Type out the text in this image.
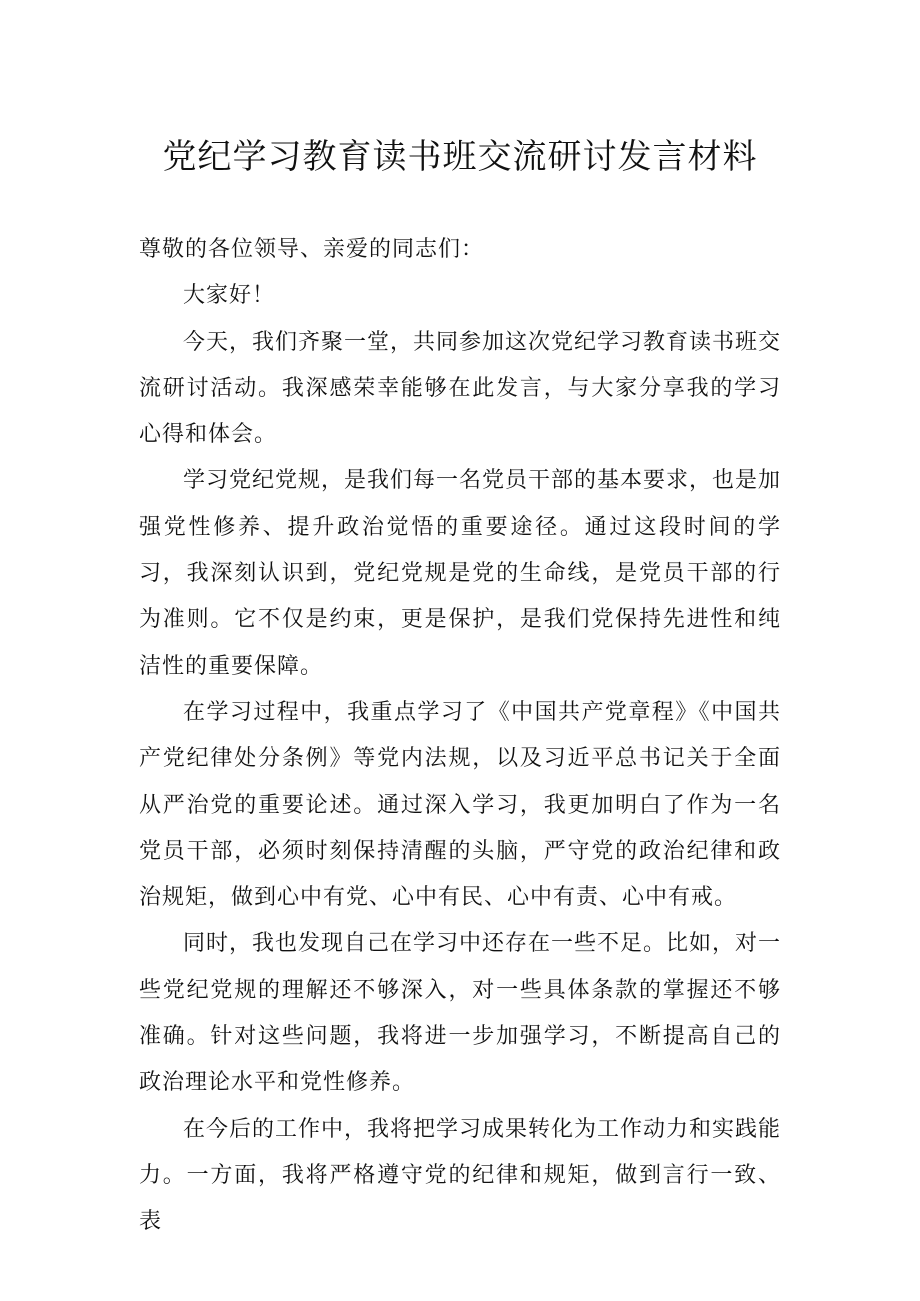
党纪学习教育读书班交流研讨发言材料

尊敬的各位领导、亲爱的同志们：

大家好！

今天，我们齐聚一堂，共同参加这次党纪学习教育读书班交流研讨活动。我深感荣幸能够在此发言，与大家分享我的学习心得和体会。

学习党纪党规，是我们每一名党员干部的基本要求，也是加强党性修养、提升政治觉悟的重要途径。通过这段时间的学习，我深刻认识到，党纪党规是党的生命线，是党员干部的行为准则。它不仅是约束，更是保护，是我们党保持先进性和纯洁性的重要保障。

在学习过程中，我重点学习了《中国共产党章程》《中国共产党纪律处分条例》等党内法规，以及习近平总书记关于全面从严治党的重要论述。通过深入学习，我更加明白了作为一名党员干部，必须时刻保持清醒的头脑，严守党的政治纪律和政治规矩，做到心中有党、心中有民、心中有责、心中有戒。

同时，我也发现自己在学习中还存在一些不足。比如，对一些党纪党规的理解还不够深入，对一些具体条款的掌握还不够准确。针对这些问题，我将进一步加强学习，不断提高自己的政治理论水平和党性修养。

在今后的工作中，我将把学习成果转化为工作动力和实践能力。一方面，我将严格遵守党的纪律和规矩，做到言行一致、表
